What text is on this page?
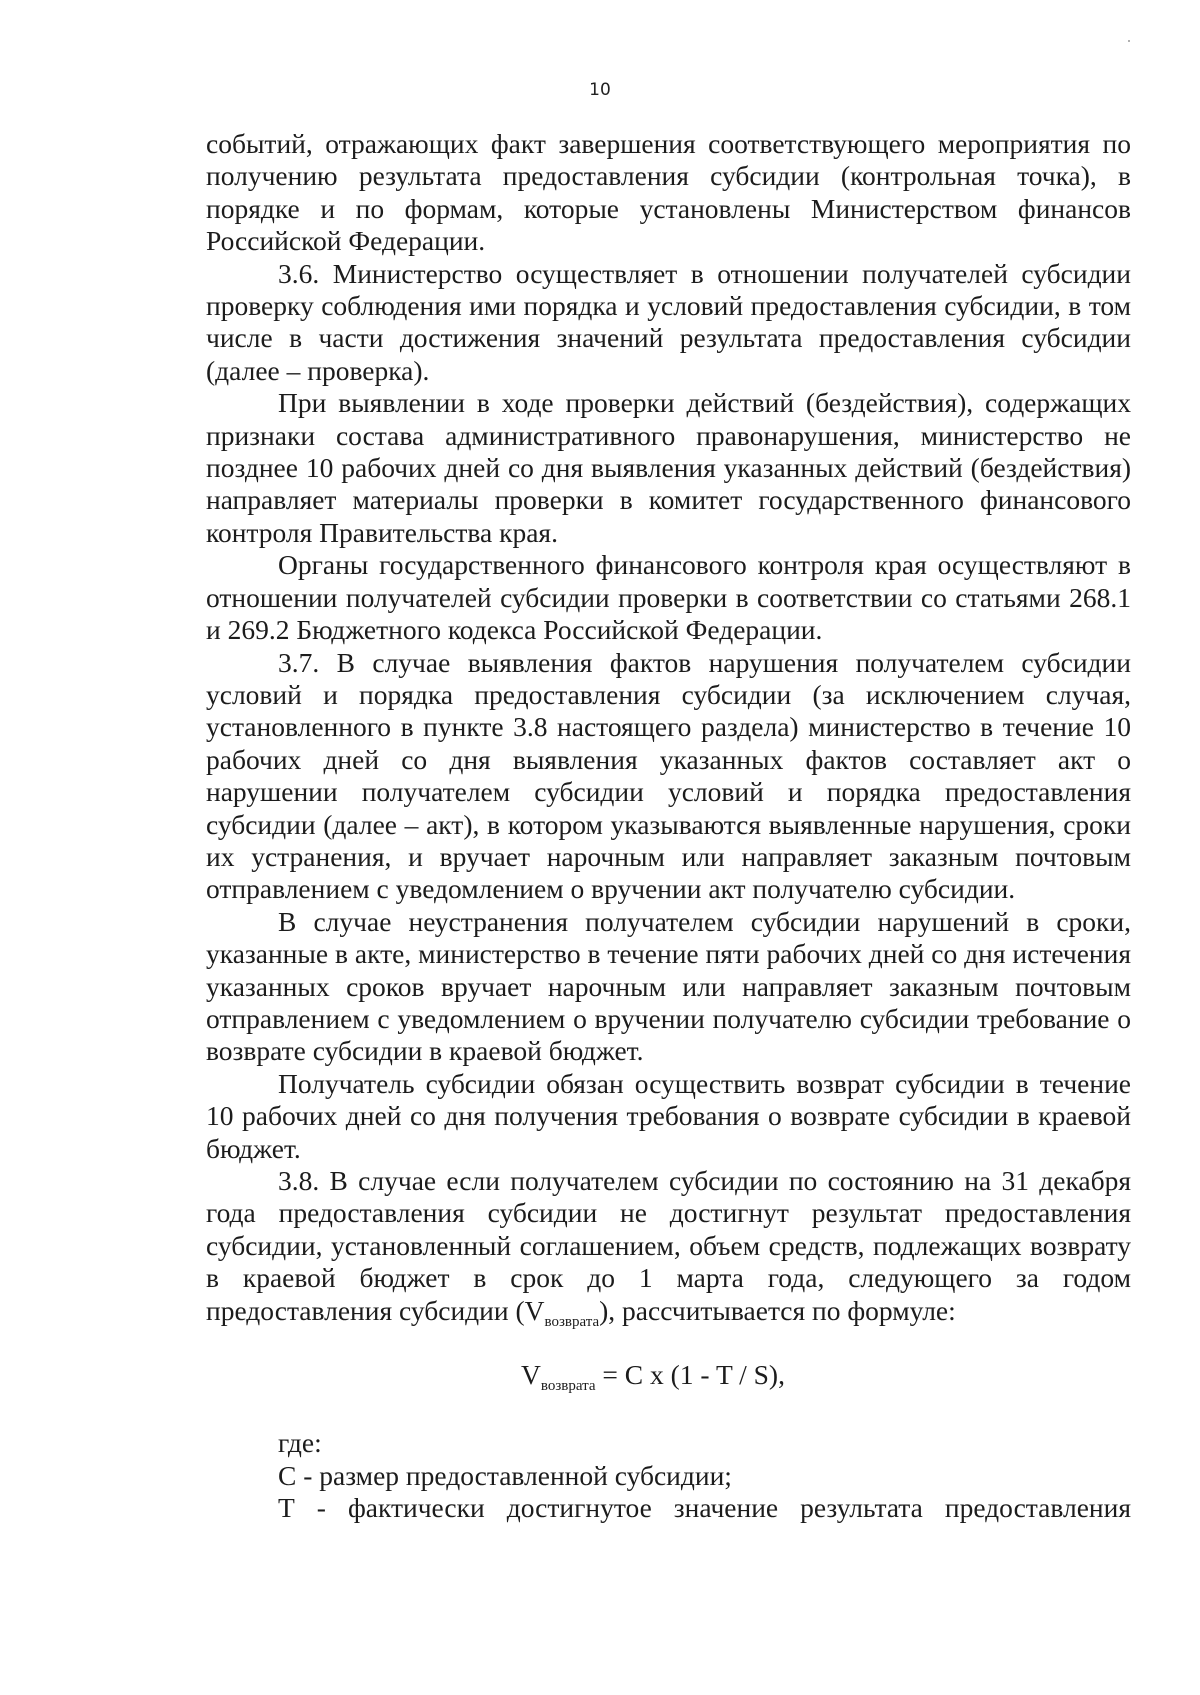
10

событий, отражающих факт завершения соответствующего мероприятия по получению результата предоставления субсидии (контрольная точка), в порядке и по формам, которые установлены Министерством финансов Российской Федерации.

3.6. Министерство осуществляет в отношении получателей субсидии проверку соблюдения ими порядка и условий предоставления субсидии, в том числе в части достижения значений результата предоставления субсидии (далее – проверка).

При выявлении в ходе проверки действий (бездействия), содержащих признаки состава административного правонарушения, министерство не позднее 10 рабочих дней со дня выявления указанных действий (бездействия) направляет материалы проверки в комитет государственного финансового контроля Правительства края.

Органы государственного финансового контроля края осуществляют в отношении получателей субсидии проверки в соответствии со статьями 268.1 и 269.2 Бюджетного кодекса Российской Федерации.

3.7. В случае выявления фактов нарушения получателем субсидии условий и порядка предоставления субсидии (за исключением случая, установленного в пункте 3.8 настоящего раздела) министерство в течение 10 рабочих дней со дня выявления указанных фактов составляет акт о нарушении получателем субсидии условий и порядка предоставления субсидии (далее – акт), в котором указываются выявленные нарушения, сроки их устранения, и вручает нарочным или направляет заказным почтовым отправлением с уведомлением о вручении акт получателю субсидии.

В случае неустранения получателем субсидии нарушений в сроки, указанные в акте, министерство в течение пяти рабочих дней со дня истечения указанных сроков вручает нарочным или направляет заказным почтовым отправлением с уведомлением о вручении получателю субсидии требование о возврате субсидии в краевой бюджет.

Получатель субсидии обязан осуществить возврат субсидии в течение 10 рабочих дней со дня получения требования о возврате субсидии в краевой бюджет.

3.8. В случае если получателем субсидии по состоянию на 31 декабря года предоставления субсидии не достигнут результат предоставления субсидии, установленный соглашением, объем средств, подлежащих возврату в краевой бюджет в срок до 1 марта года, следующего за годом предоставления субсидии $(V_{возврата})$, рассчитывается по формуле:

$V_{возврата} = C$ x (1 - T / S),

где:

С - размер предоставленной субсидии;

Т - фактически достигнутое значение результата предоставления
